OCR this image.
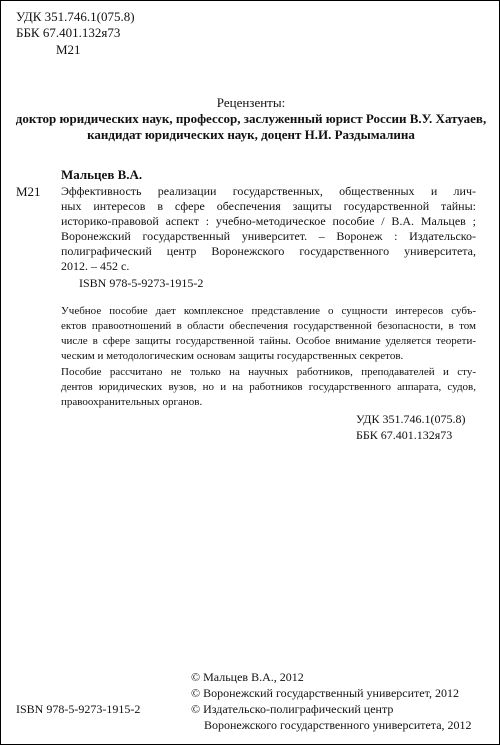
УДК 351.746.1(075.8)
ББК 67.401.132я73
М21
Рецензенты:
доктор юридических наук, профессор, заслуженный юрист России В.У. Хатуаев,
кандидат юридических наук, доцент Н.И. Раздымалина
Мальцев В.А.
М21 Эффективность реализации государственных, общественных и лич-
ных интересов в сфере обеспечения защиты государственной тайны:
историко-правовой аспект : учебно-методическое пособие / В.А. Мальцев ;
Воронежский государственный университет. – Воронеж : Издательско-
полиграфический центр Воронежского государственного университета,
2012. – 452 с.
ISBN 978-5-9273-1915-2
Учебное пособие дает комплексное представление о сущности интересов субъ-
ектов правоотношений в области обеспечения государственной безопасности, в том
числе в сфере защиты государственной тайны. Особое внимание уделяется теорети-
ческим и методологическим основам защиты государственных секретов.
Пособие рассчитано не только на научных работников, преподавателей и сту-
дентов юридических вузов, но и на работников государственного аппарата, судов,
правоохранительных органов.
УДК 351.746.1(075.8)
ББК 67.401.132я73
© Мальцев В.А., 2012
© Воронежский государственный университет, 2012
ISBN 978-5-9273-1915-2	© Издательско-полиграфический центр
Воронежского государственного университета, 2012
